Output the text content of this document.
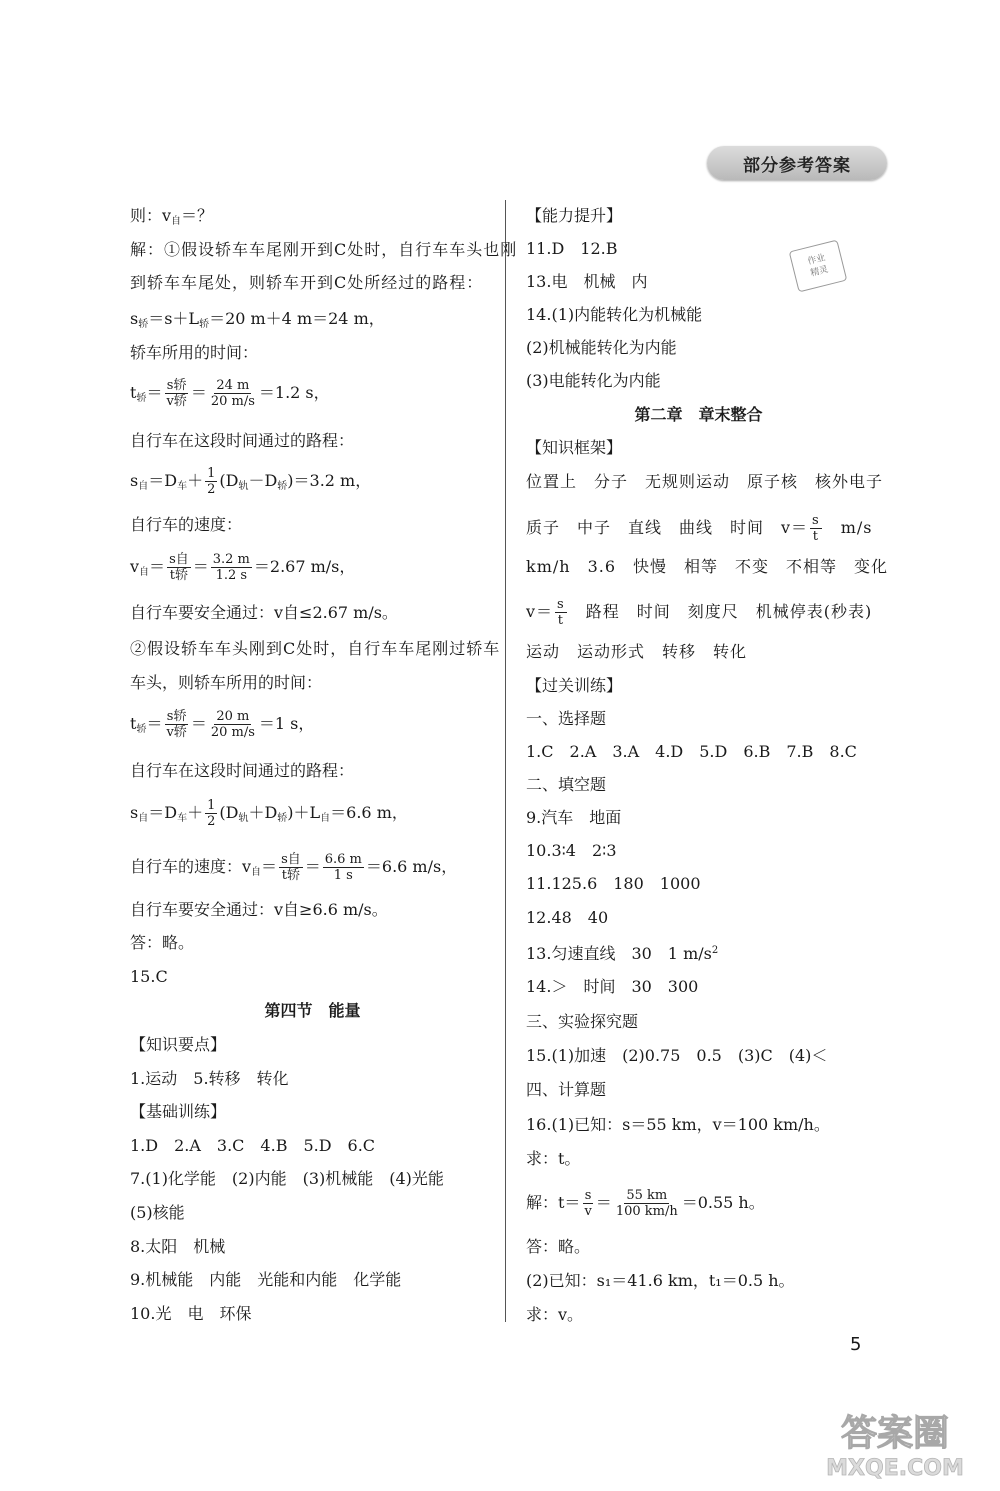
部分参考答案
则：$v_自=$？
解：①假设轿车车尾刚开到C处时，自行车车头也刚
到轿车车尾处，则轿车开到C处所经过的路程：
$s_轿=s+L_轿=20$ m＋4 m＝24 m，
轿车所用的时间：
$t_轿= s$轿
v轿 ＝ $\frac{24 m}{20 m/s} =1.2$ s，
自行车在这段时间通过的路程：
$s_自=D_车+ \frac{1}{2} (D_轨-D_轿)=3.2$ m，
自行车的速度：
$v_自= s$自
t轿 ＝ $\frac{3.2 m}{1.2 s} =2.67$ m/s，
自行车要安全通过：v自≤2.67 m/s。
②假设轿车车头刚到C处时，自行车车尾刚过轿车
车头，则轿车所用的时间：
$t_轿= s$轿
v轿 ＝ $\frac{20 m}{20 m/s} =1$ s，
自行车在这段时间通过的路程：
$s_自=D_车+ \frac{1}{2} (D_轨+D_轿)+L_自=6.6$ m，
自行车的速度：$v_自= s$自
t轿 ＝ $\frac{6.6 m}{1 s} =6.6$ m/s，
自行车要安全通过：v自≥6.6 m/s。
答：略。
15.C
第四节　能量
【知识要点】
1.运动　5.转移　转化
【基础训练】
1.D　2.A　3.C　4.B　5.D　6.C
7.(1)化学能　(2)内能　(3)机械能　(4)光能
(5)核能
8.太阳　机械
9.机械能　内能　光能和内能　化学能
10.光　电　环保
【能力提升】
11.D　12.B
13.电　机械　内
14.(1)内能转化为机械能
(2)机械能转化为内能
(3)电能转化为内能
第二章　章末整合
【知识框架】
位置上　分子　无规则运动　原子核　核外电子
质子　中子　直线　曲线　时间　$v= \frac{s}{t}$ 　m/s
km/h　3.6　快慢　相等　不变　不相等　变化
$v= \frac{s}{t}$ 　路程　时间　刻度尺　机械停表(秒表)
运动　运动形式　转移　转化
【过关训练】
一、选择题
1.C　2.A　3.A　4.D　5.D　6.B　7.B　8.C
二、填空题
9.汽车　地面
10.3∶4　2∶3
11.125.6　180　1000
12.48　40
13.匀速直线　30　1 $m/s^2$
14.＞　时间　30　300
三、实验探究题
15.(1)加速　(2)0.75　0.5　(3)C　(4)＜
四、计算题
16.(1)已知：s＝55 km，v＝100 km/h。
求：t。
解：$t= \frac{s}{v} = \frac{55 km}{100 km/h} =0.55$ h。
答：略。
(2)已知：s₁＝41.6 km，t₁＝0.5 h。
求：v。
作业
精灵
5
答案圈
MXQE.COM
